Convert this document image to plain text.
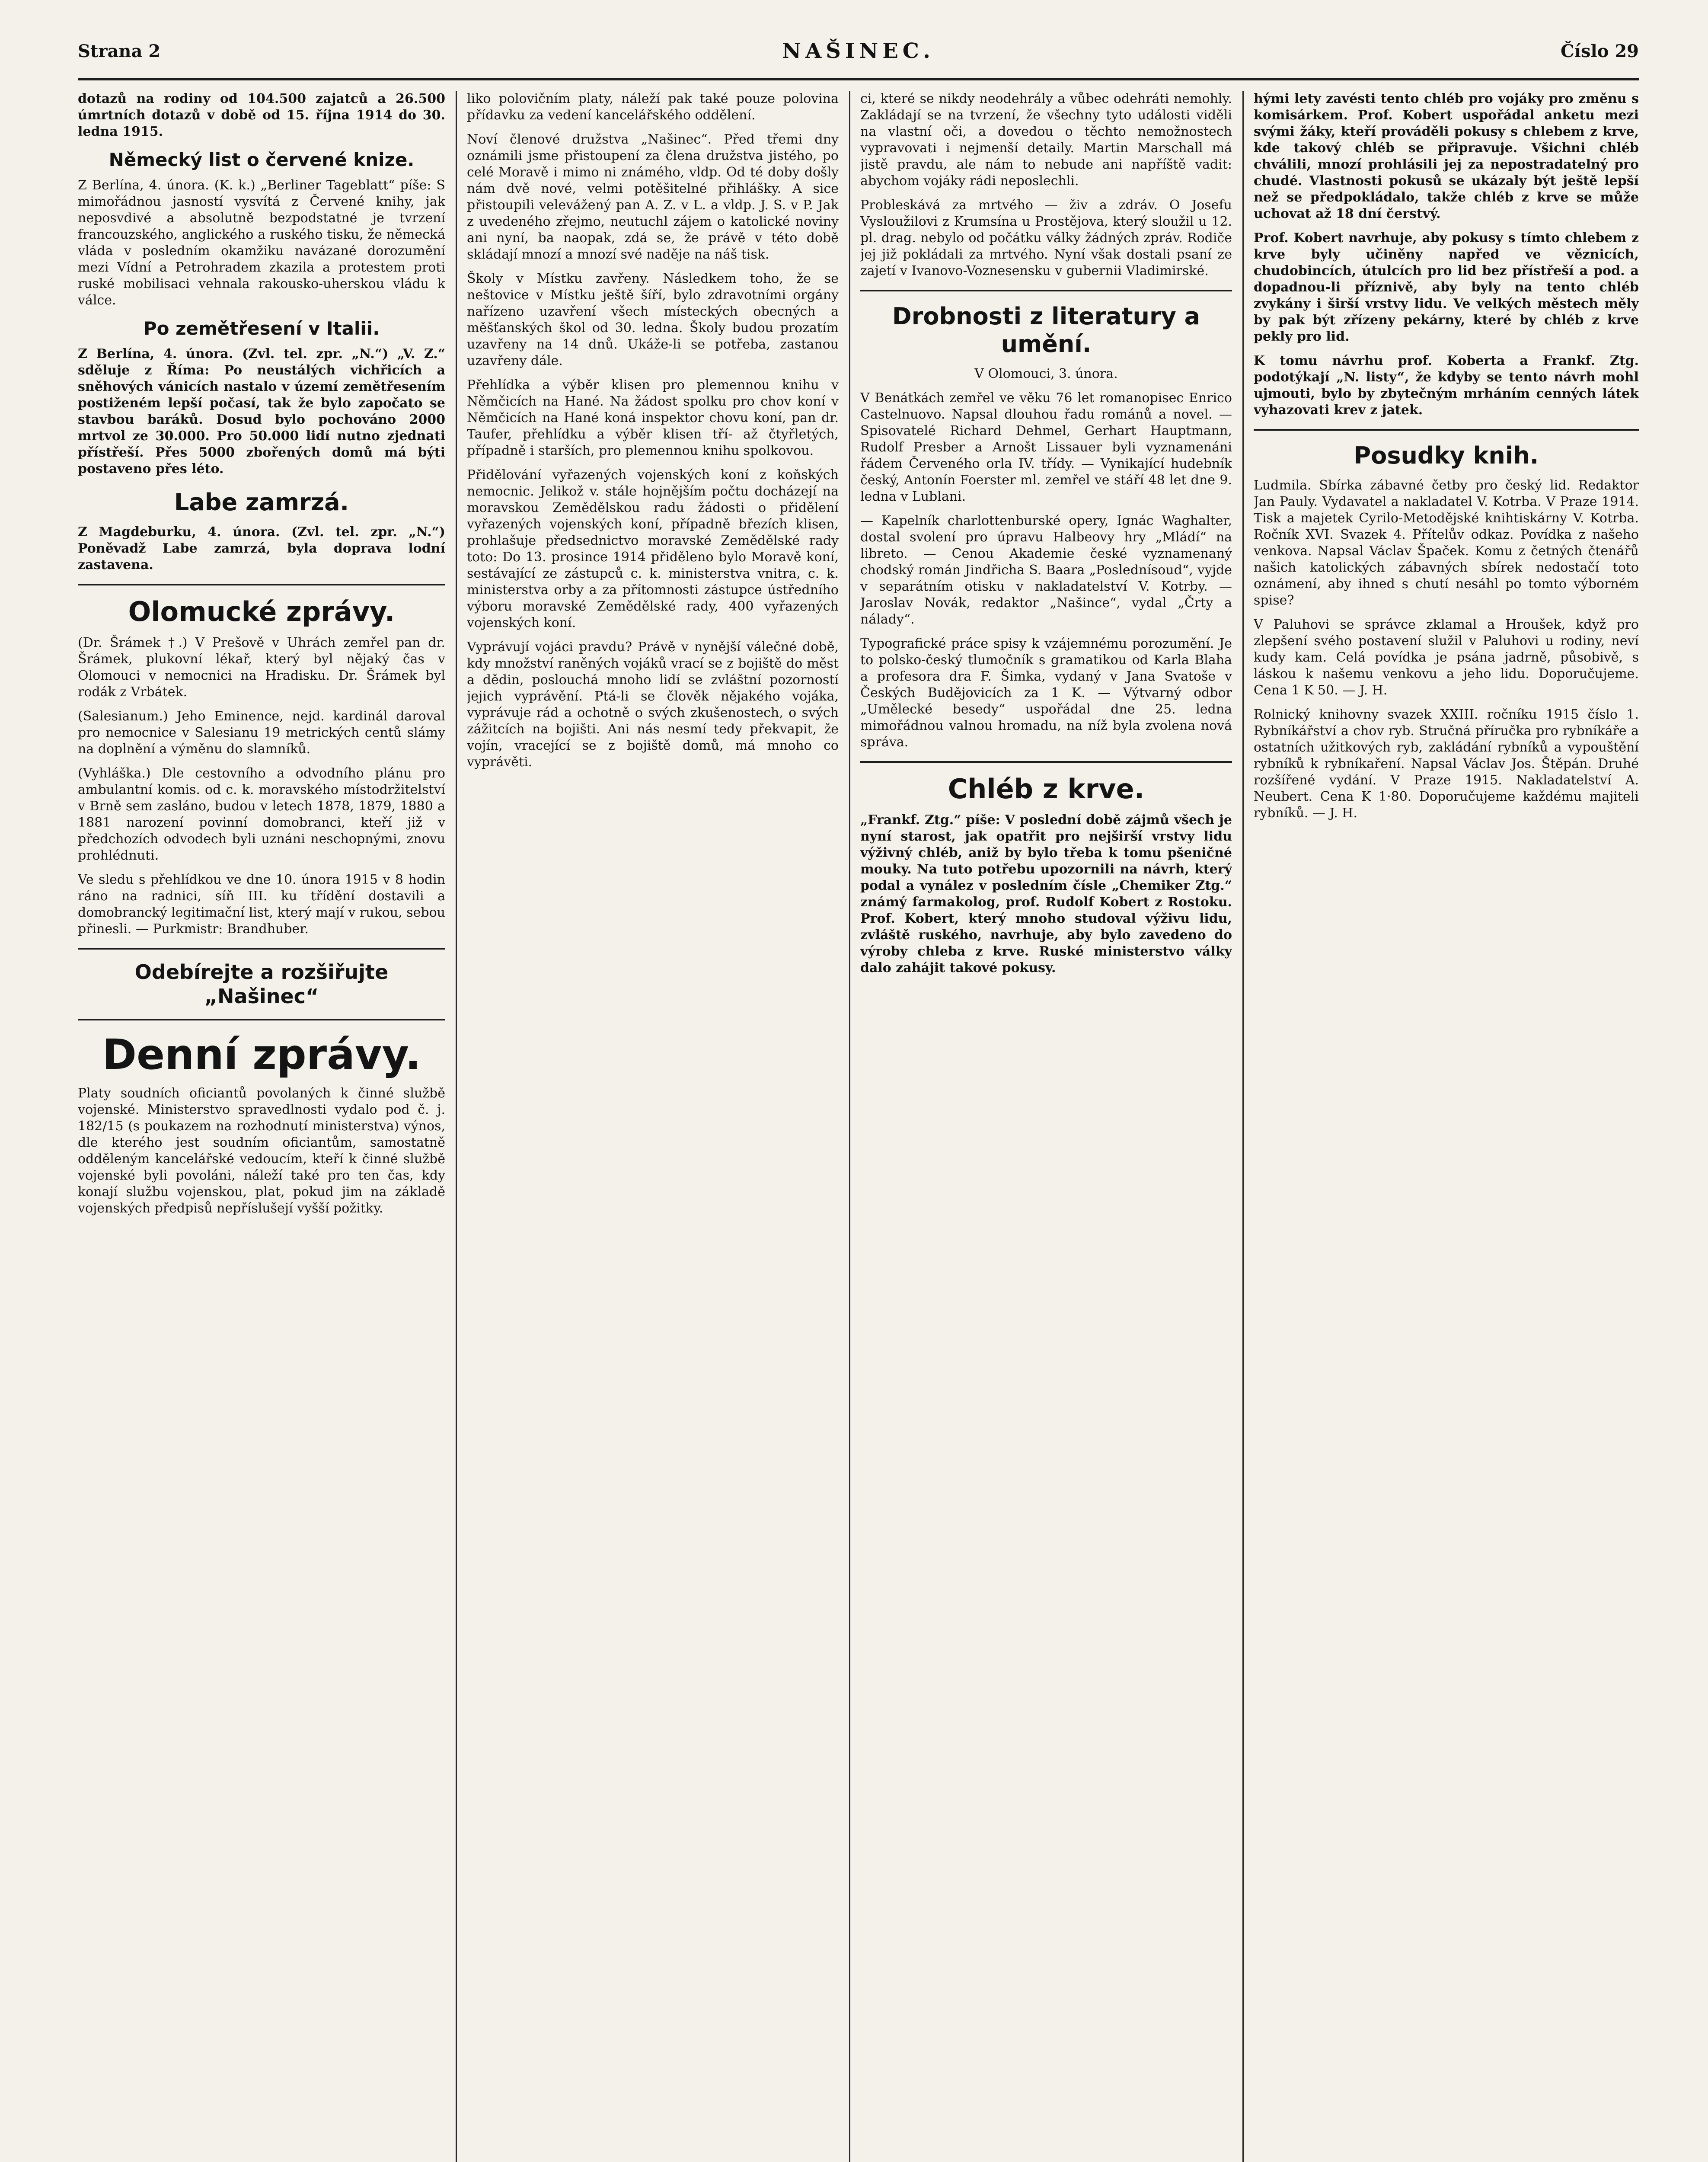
Strana 2	NAŠINEC.	Číslo 29

dotazů na rodiny od 104.500 zajatců a 26.500 úmrtních dotazů v době od 15. října 1914 do 30. ledna 1915.

Německý list o červené knize.

Z Berlína, 4. února. (K. k.) „Berliner Tageblatt“ píše: S mimořádnou jasností vysvítá z Červené knihy, jak neposvdivé a absolutně bezpodstatné je tvrzení francouzského, anglického a ruského tisku, že německá vláda v posledním okamžiku navázané dorozumění mezi Vídní a Petrohradem zkazila a protestem proti ruské mobilisaci vehnala rakousko-uherskou vládu k válce.

Po zemětřesení v Italii.

Z Berlína, 4. února. (Zvl. tel. zpr. „N.“) „V. Z.“ sděluje z Říma: Po neustálých vichřicích a sněhových vánicích nastalo v území zemětřesením postiženém lepší počasí, tak že bylo započato se stavbou baráků. Dosud bylo pochováno 2000 mrtvol ze 30.000. Pro 50.000 lidí nutno zjednati přístřeší. Přes 5000 zbořených domů má býti postaveno přes léto.

Labe zamrzá.

Z Magdeburku, 4. února. (Zvl. tel. zpr. „N.“) Poněvadž Labe zamrzá, byla doprava lodní zastavena.

Olomucké zprávy.

(Dr. Šrámek †.) V Prešově v Uhrách zemřel pan dr. Šrámek, plukovní lékař, který byl nějaký čas v Olomouci v nemocnici na Hradisku. Dr. Šrámek byl rodák z Vrbátek.

(Salesianum.) Jeho Eminence, nejd. kardinál daroval pro nemocnice v Salesianu 19 metrických centů slámy na doplnění a výměnu do slamníků.

(Vyhláška.) Dle cestovního a odvodního plánu pro ambulantní komis. od c. k. moravského místodržitelství v Brně sem zasláno, budou v letech 1878, 1879, 1880 a 1881 narození povinní domobranci, kteří již v předchozích odvodech byli uznáni neschopnými, znovu prohlédnuti.

Ve sledu s přehlídkou ve dne 10. února 1915 v 8 hodin ráno na radnici, síň III. ku třídění dostavili a domobrancký legitimační list, který mají v rukou, sebou přinesli. — Purkmistr: Brandhuber.

Odebírejte a rozšiřujte „Našinec“
Denní zprávy.

Platy soudních oficiantů povolaných k činné službě vojenské. Ministerstvo spravedlnosti vydalo pod č. j. 182/15 (s poukazem na rozhodnutí ministerstva) výnos, dle kterého jest soudním oficiantům, samostatně odděleným kancelářské vedoucím, kteří k činné službě vojenské byli povoláni, náleží také pro ten čas, kdy konají službu vojenskou, plat, pokud jim na základě vojenských předpisů nepříslušejí vyšší požitky.

liko polovičním platy, náleží pak také pouze polovina přídavku za vedení kancelářského oddělení.

Noví členové družstva „Našinec“. Před třemi dny oznámili jsme přistoupení za člena družstva jistého, po celé Moravě i mimo ni známého, vldp. Od té doby došly nám dvě nové, velmi potěšitelné přihlášky. A sice přistoupili velevážený pan A. Z. v L. a vldp. J. S. v P. Jak z uvedeného zřejmo, neutuchl zájem o katolické noviny ani nyní, ba naopak, zdá se, že právě v této době skládají mnozí a mnozí své naděje na náš tisk.

Školy v Místku zavřeny. Následkem toho, že se neštovice v Místku ještě šíří, bylo zdravotními orgány nařízeno uzavření všech místeckých obecných a měšťanských škol od 30. ledna. Školy budou prozatím uzavřeny na 14 dnů. Ukáže-li se potřeba, zastanou uzavřeny dále.

Přehlídka a výběr klisen pro plemennou knihu v Němčicích na Hané. Na žádost spolku pro chov koní v Němčicích na Hané koná inspektor chovu koní, pan dr. Taufer, přehlídku a výběr klisen tří- až čtyřletých, případně i starších, pro plemennou knihu spolkovou.

Přidělování vyřazených vojenských koní z koňských nemocnic. Jelikož v. stále hojnějším počtu docházejí na moravskou Zemědělskou radu žádosti o přidělení vyřazených vojenských koní, případně březích klisen, prohlašuje předsednictvo moravské Zemědělské rady toto: Do 13. prosince 1914 přiděleno bylo Moravě koní, sestávající ze zástupců c. k. ministerstva vnitra, c. k. ministerstva orby a za přítomnosti zástupce ústředního výboru moravské Zemědělské rady, 400 vyřazených vojenských koní.

Vyprávují vojáci pravdu? Právě v nynější válečné době, kdy množství raněných vojáků vrací se z bojiště do měst a dědin, poslouchá mnoho lidí se zvláštní pozorností jejich vyprávění. Ptá-li se člověk nějakého vojáka, vyprávuje rád a ochotně o svých zkušenostech, o svých zážitcích na bojišti. Ani nás nesmí tedy překvapit, že vojín, vracející se z bojiště domů, má mnoho co vyprávěti.

ci, které se nikdy neodehrály a vůbec odehráti nemohly. Zakládají se na tvrzení, že všechny tyto události viděli na vlastní oči, a dovedou o těchto nemožnostech vypravovati i nejmenší detaily. Martin Marschall má jistě pravdu, ale nám to nebude ani napříště vadit: abychom vojáky rádi neposlechli.

Probleskává za mrtvého — živ a zdráv. O Josefu Vysloužilovi z Krumsína u Prostějova, který sloužil u 12. pl. drag. nebylo od počátku války žádných zpráv. Rodiče jej již pokládali za mrtvého. Nyní však dostali psaní ze zajetí v Ivanovo-Voznesensku v gubernii Vladimirské.

Drobnosti z literatury a umění.

V Olomouci, 3. února.

V Benátkách zemřel ve věku 76 let romanopisec Enrico Castelnuovo. Napsal dlouhou řadu románů a novel. — Spisovatelé Richard Dehmel, Gerhart Hauptmann, Rudolf Presber a Arnošt Lissauer byli vyznamenáni řádem Červeného orla IV. třídy. — Vynikající hudebník český, Antonín Foerster ml. zemřel ve stáří 48 let dne 9. ledna v Lublani.

— Kapelník charlottenburské opery, Ignác Waghalter, dostal svolení pro úpravu Halbeovy hry „Mládí“ na libreto. — Cenou Akademie české vyznamenaný chodský román Jindřicha S. Baara „Poslednísoud“, vyjde v separátním otisku v nakladatelství V. Kotrby. — Jaroslav Novák, redaktor „Našince“, vydal „Črty a nálady“.

Typografické práce spisy k vzájemnému porozumění. Je to polsko-český tlumočník s gramatikou od Karla Blaha a profesora dra F. Šimka, vydaný v Jana Svatoše v Českých Budějovicích za 1 K. — Výtvarný odbor „Umělecké besedy“ uspořádal dne 25. ledna mimořádnou valnou hromadu, na níž byla zvolena nová správa.

Chléb z krve.

„Frankf. Ztg.“ píše: V poslední době zájmů všech je nyní starost, jak opatřit pro nejširší vrstvy lidu výživný chléb, aniž by bylo třeba k tomu pšeničné mouky. Na tuto potřebu upozornili na návrh, který podal a vynález v posledním čísle „Chemiker Ztg.“ známý farmakolog, prof. Rudolf Kobert z Rostoku. Prof. Kobert, který mnoho studoval výživu lidu, zvláště ruského, navrhuje, aby bylo zavedeno do výroby chleba z krve. Ruské ministerstvo války dalo zahájit takové pokusy.

hými lety zavésti tento chléb pro vojáky pro změnu s komisárkem. Prof. Kobert uspořádal anketu mezi svými žáky, kteří prováděli pokusy s chlebem z krve, kde takový chléb se připravuje. Všichni chléb chválili, mnozí prohlásili jej za nepostradatelný pro chudé. Vlastnosti pokusů se ukázaly být ještě lepší než se předpokládalo, takže chléb z krve se může uchovat až 18 dní čerstvý.

Prof. Kobert navrhuje, aby pokusy s tímto chlebem z krve byly učiněny napřed ve věznicích, chudobincích, útulcích pro lid bez přístřeší a pod. a dopadnou-li příznivě, aby byly na tento chléb zvykány i širší vrstvy lidu. Ve velkých městech měly by pak být zřízeny pekárny, které by chléb z krve pekly pro lid.

K tomu návrhu prof. Koberta a Frankf. Ztg. podotýkají „N. listy“, že kdyby se tento návrh mohl ujmouti, bylo by zbytečným mrháním cenných látek vyhazovati krev z jatek.

Posudky knih.

Ludmila. Sbírka zábavné četby pro český lid. Redaktor Jan Pauly. Vydavatel a nakladatel V. Kotrba. V Praze 1914. Tisk a majetek Cyrilo-Metodějské knihtiskárny V. Kotrba. Ročník XVI. Svazek 4. Přítelův odkaz. Povídka z našeho venkova. Napsal Václav Špaček. Komu z četných čtenářů našich katolických zábavných sbírek nedostačí toto oznámení, aby ihned s chutí nesáhl po tomto výborném spise?

V Paluhovi se správce zklamal a Hroušek, když pro zlepšení svého postavení služil v Paluhovi u rodiny, neví kudy kam. Celá povídka je psána jadrně, působivě, s láskou k našemu venkovu a jeho lidu. Doporučujeme. Cena 1 K 50. — J. H.

Rolnický knihovny svazek XXIII. ročníku 1915 číslo 1. Rybníkářství a chov ryb. Stručná příručka pro rybníkáře a ostatních užitkových ryb, zakládání rybníků a vypouštění rybníků k rybníkaření. Napsal Václav Jos. Štěpán. Druhé rozšířené vydání. V Praze 1915. Nakladatelství A. Neubert. Cena K 1·80. Doporučujeme každému majiteli rybníků. — J. H.
